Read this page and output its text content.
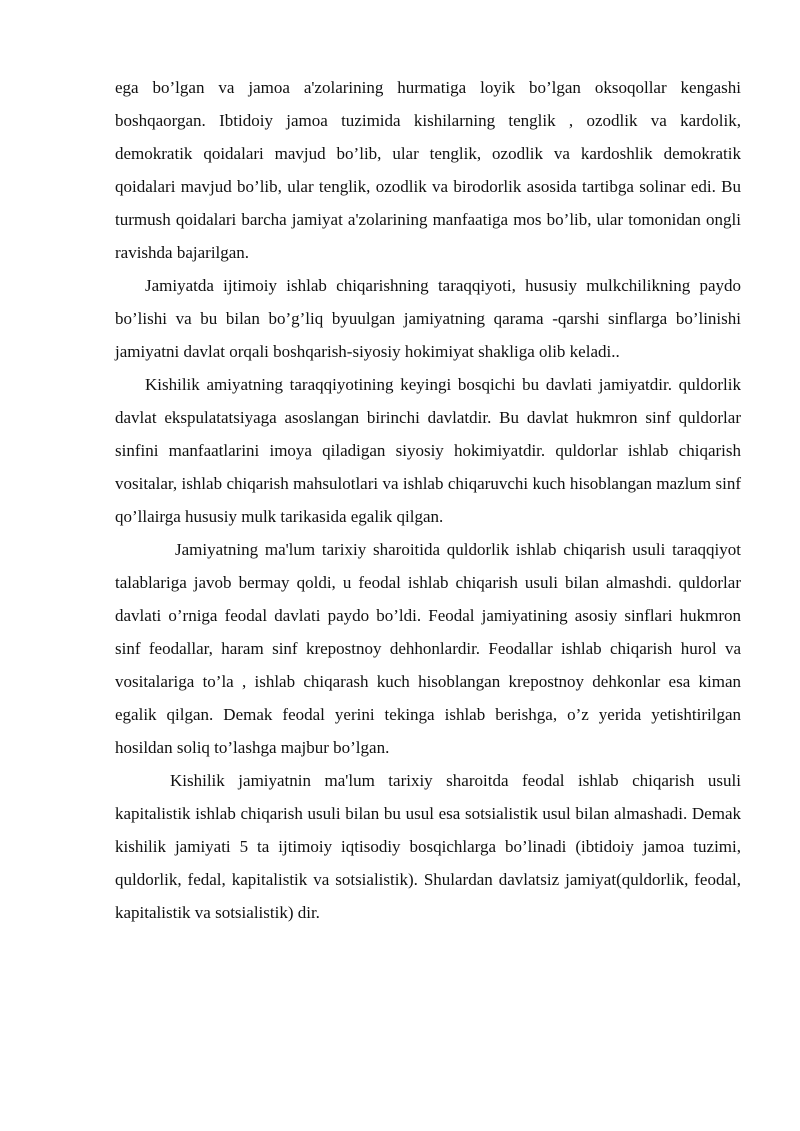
ega bo’lgan va jamoa a'zolarining hurmatiga loyik bo’lgan oksoqollar kengashi boshqaorgan. Ibtidoiy jamoa tuzimida kishilarning tenglik , ozodlik va kardolik, demokratik qoidalari mavjud bo’lib, ular tenglik, ozodlik va kardoshlik demokratik qoidalari mavjud bo’lib, ular tenglik, ozodlik va birodorlik asosida tartibga solinar edi. Bu turmush qoidalari barcha jamiyat a'zolarining manfaatiga mos bo’lib, ular tomonidan ongli ravishda bajarilgan.

Jamiyatda ijtimoiy ishlab chiqarishning taraqqiyoti, hususiy mulkchilikning paydo bo’lishi va bu bilan bo’g’liq byuulgan jamiyatning qarama -qarshi sinflarga bo’linishi jamiyatni davlat orqali boshqarish-siyosiy hokimiyat shakliga olib keladi..

Kishilik amiyatning taraqqiyotining keyingi bosqichi bu davlati jamiyatdir. quldorlik davlat ekspulatatsiyaga asoslangan birinchi davlatdir. Bu davlat hukmron sinf quldorlar sinfini manfaatlarini imoya qiladigan siyosiy hokimiyatdir. quldorlar ishlab chiqarish vositalar, ishlab chiqarish mahsulotlari va ishlab chiqaruvchi kuch hisoblangan mazlum sinf qo’llairga hususiy mulk tarikasida egalik qilgan.

Jamiyatning ma'lum tarixiy sharoitida quldorlik ishlab chiqarish usuli taraqqiyot talablariga javob bermay qoldi, u feodal ishlab chiqarish usuli bilan almashdi. quldorlar davlati o’rniga feodal davlati paydo bo’ldi. Feodal jamiyatining asosiy sinflari hukmron sinf feodallar, haram sinf krepostnoy dehhonlardir. Feodallar ishlab chiqarish hurol va vositalariga to’la , ishlab chiqarash kuch hisoblangan krepostnoy dehkonlar esa kiman egalik qilgan. Demak feodal yerini tekinga ishlab berishga, o’z yerida yetishtirilgan hosildan soliq to’lashga majbur bo’lgan.

Kishilik jamiyatnin ma'lum tarixiy sharoitda feodal ishlab chiqarish usuli kapitalistik ishlab chiqarish usuli bilan bu usul esa sotsialistik usul bilan almashadi. Demak kishilik jamiyati 5 ta ijtimoiy iqtisodiy bosqichlarga bo’linadi (ibtidoiy jamoa tuzimi, quldorlik, fedal, kapitalistik va sotsialistik). Shulardan davlatsiz jamiyat(quldorlik, feodal, kapitalistik va sotsialistik) dir.
